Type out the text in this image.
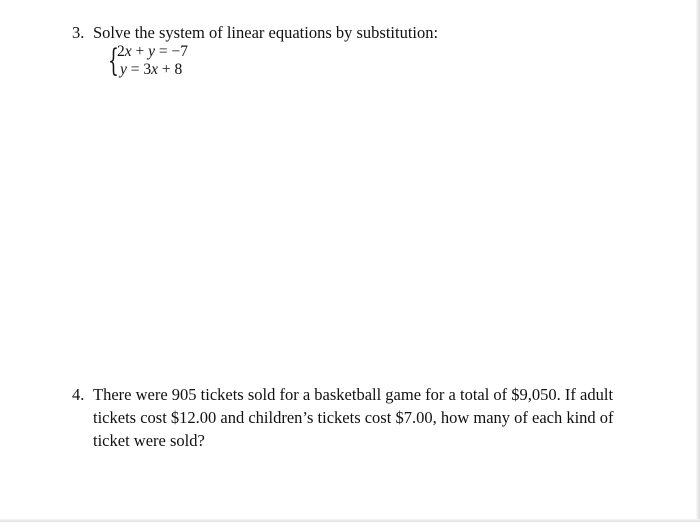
3. Solve the system of linear equations by substitution:
{
2x + y = −7
y = 3x + 8
4. There were 905 tickets sold for a basketball game for a total of $9,050. If adult tickets cost $12.00 and children’s tickets cost $7.00, how many of each kind of ticket were sold?
